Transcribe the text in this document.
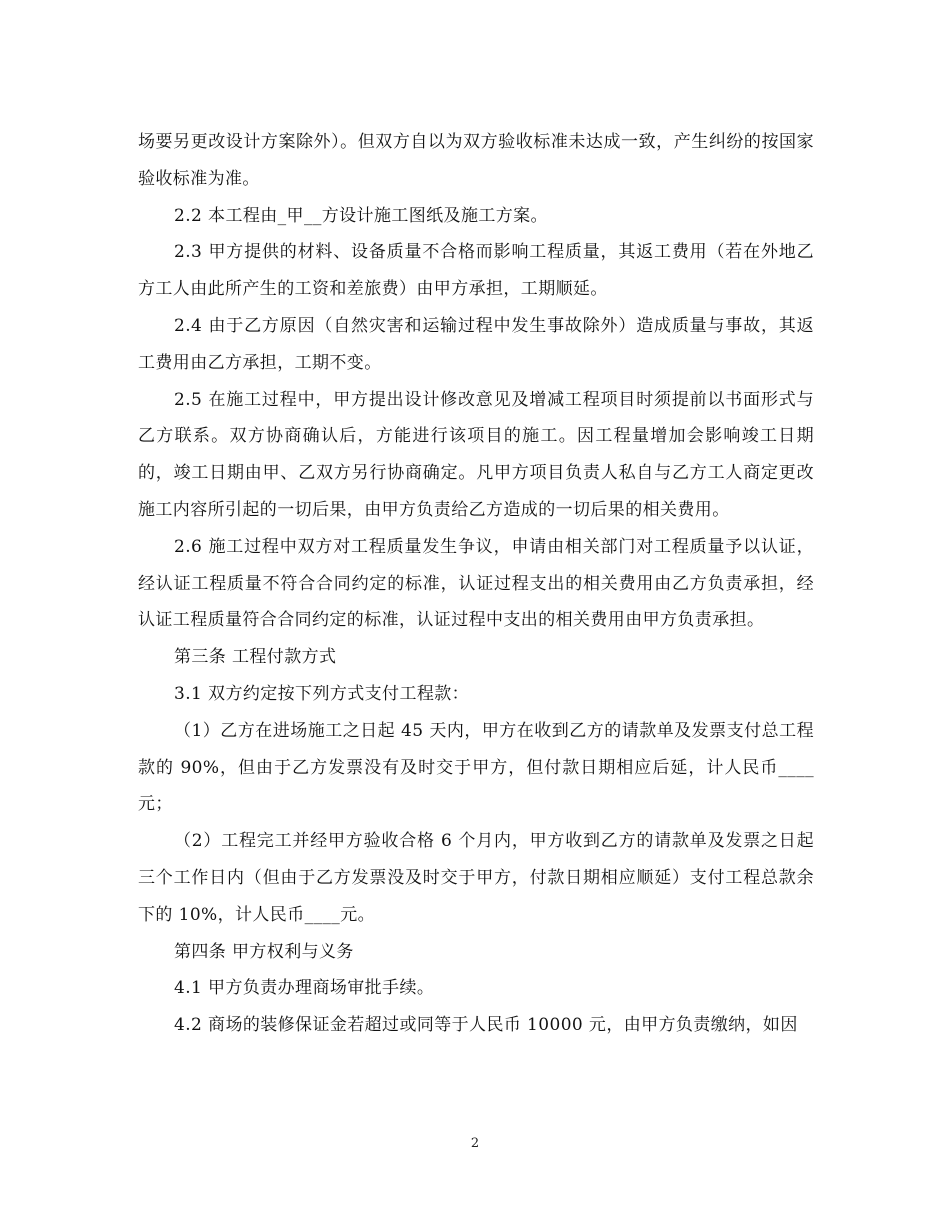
场要另更改设计方案除外）。但双方自以为双方验收标准未达成一致，产生纠纷的按国家验收标准为准。

2.2 本工程由_甲__方设计施工图纸及施工方案。

2.3 甲方提供的材料、设备质量不合格而影响工程质量，其返工费用（若在外地乙方工人由此所产生的工资和差旅费）由甲方承担，工期顺延。

2.4 由于乙方原因（自然灾害和运输过程中发生事故除外）造成质量与事故，其返工费用由乙方承担，工期不变。

2.5 在施工过程中，甲方提出设计修改意见及增减工程项目时须提前以书面形式与乙方联系。双方协商确认后，方能进行该项目的施工。因工程量增加会影响竣工日期的，竣工日期由甲、乙双方另行协商确定。凡甲方项目负责人私自与乙方工人商定更改施工内容所引起的一切后果，由甲方负责给乙方造成的一切后果的相关费用。

2.6 施工过程中双方对工程质量发生争议，申请由相关部门对工程质量予以认证，经认证工程质量不符合合同约定的标准，认证过程支出的相关费用由乙方负责承担，经认证工程质量符合合同约定的标准，认证过程中支出的相关费用由甲方负责承担。

第三条 工程付款方式

3.1 双方约定按下列方式支付工程款：

（1）乙方在进场施工之日起 45 天内，甲方在收到乙方的请款单及发票支付总工程款的 90%，但由于乙方发票没有及时交于甲方，但付款日期相应后延，计人民币____元；

（2）工程完工并经甲方验收合格 6 个月内，甲方收到乙方的请款单及发票之日起三个工作日内（但由于乙方发票没及时交于甲方，付款日期相应顺延）支付工程总款余下的 10%，计人民币____元。

第四条 甲方权利与义务

4.1 甲方负责办理商场审批手续。

4.2 商场的装修保证金若超过或同等于人民币 10000 元，由甲方负责缴纳，如因

2
